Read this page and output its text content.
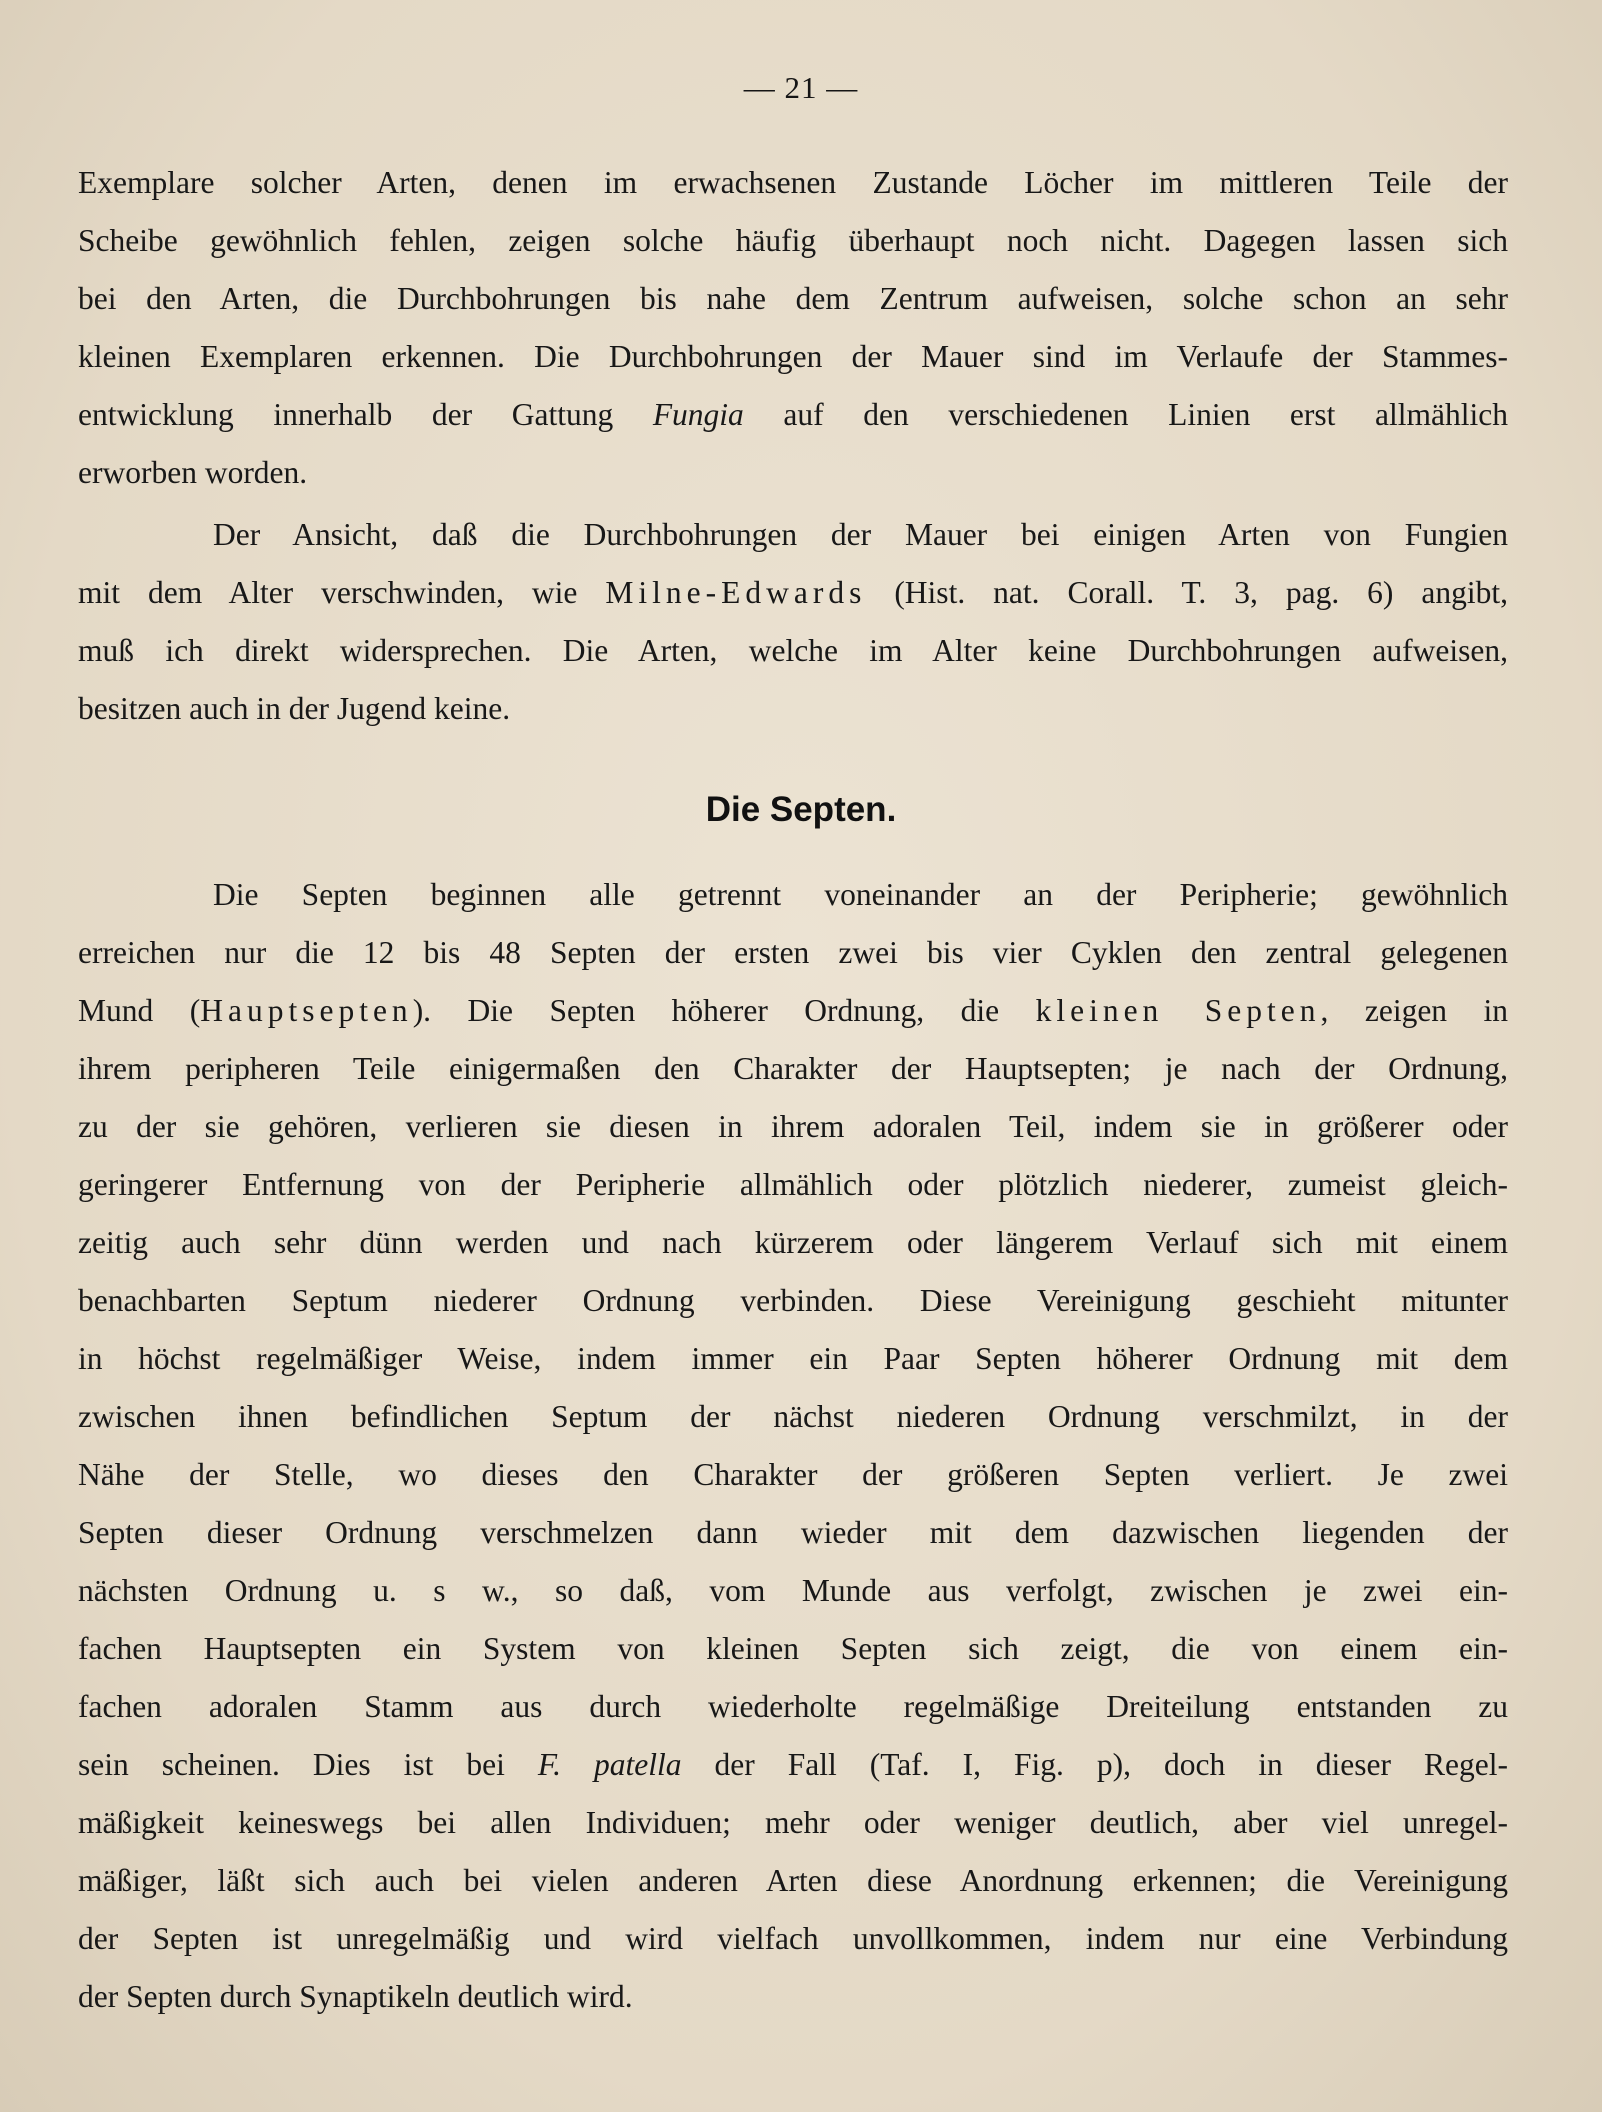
— 21 —
Exemplare solcher Arten, denen im erwachsenen Zustande Löcher im mittleren Teile der
Scheibe gewöhnlich fehlen, zeigen solche häufig überhaupt noch nicht. Dagegen lassen sich
bei den Arten, die Durchbohrungen bis nahe dem Zentrum aufweisen, solche schon an sehr
kleinen Exemplaren erkennen. Die Durchbohrungen der Mauer sind im Verlaufe der Stammes-
entwicklung innerhalb der Gattung Fungia auf den verschiedenen Linien erst allmählich
erworben worden.
Der Ansicht, daß die Durchbohrungen der Mauer bei einigen Arten von Fungien
mit dem Alter verschwinden, wie Milne-Edwards (Hist. nat. Corall. T. 3, pag. 6) angibt,
muß ich direkt widersprechen. Die Arten, welche im Alter keine Durchbohrungen aufweisen,
besitzen auch in der Jugend keine.
Die Septen.
Die Septen beginnen alle getrennt voneinander an der Peripherie; gewöhnlich
erreichen nur die 12 bis 48 Septen der ersten zwei bis vier Cyklen den zentral gelegenen
Mund (Hauptsepten). Die Septen höherer Ordnung, die kleinen Septen, zeigen in
ihrem peripheren Teile einigermaßen den Charakter der Hauptsepten; je nach der Ordnung,
zu der sie gehören, verlieren sie diesen in ihrem adoralen Teil, indem sie in größerer oder
geringerer Entfernung von der Peripherie allmählich oder plötzlich niederer, zumeist gleich-
zeitig auch sehr dünn werden und nach kürzerem oder längerem Verlauf sich mit einem
benachbarten Septum niederer Ordnung verbinden. Diese Vereinigung geschieht mitunter
in höchst regelmäßiger Weise, indem immer ein Paar Septen höherer Ordnung mit dem
zwischen ihnen befindlichen Septum der nächst niederen Ordnung verschmilzt, in der
Nähe der Stelle, wo dieses den Charakter der größeren Septen verliert. Je zwei
Septen dieser Ordnung verschmelzen dann wieder mit dem dazwischen liegenden der
nächsten Ordnung u. s w., so daß, vom Munde aus verfolgt, zwischen je zwei ein-
fachen Hauptsepten ein System von kleinen Septen sich zeigt, die von einem ein-
fachen adoralen Stamm aus durch wiederholte regelmäßige Dreiteilung entstanden zu
sein scheinen. Dies ist bei F. patella der Fall (Taf. I, Fig. p), doch in dieser Regel-
mäßigkeit keineswegs bei allen Individuen; mehr oder weniger deutlich, aber viel unregel-
mäßiger, läßt sich auch bei vielen anderen Arten diese Anordnung erkennen; die Vereinigung
der Septen ist unregelmäßig und wird vielfach unvollkommen, indem nur eine Verbindung
der Septen durch Synaptikeln deutlich wird.
